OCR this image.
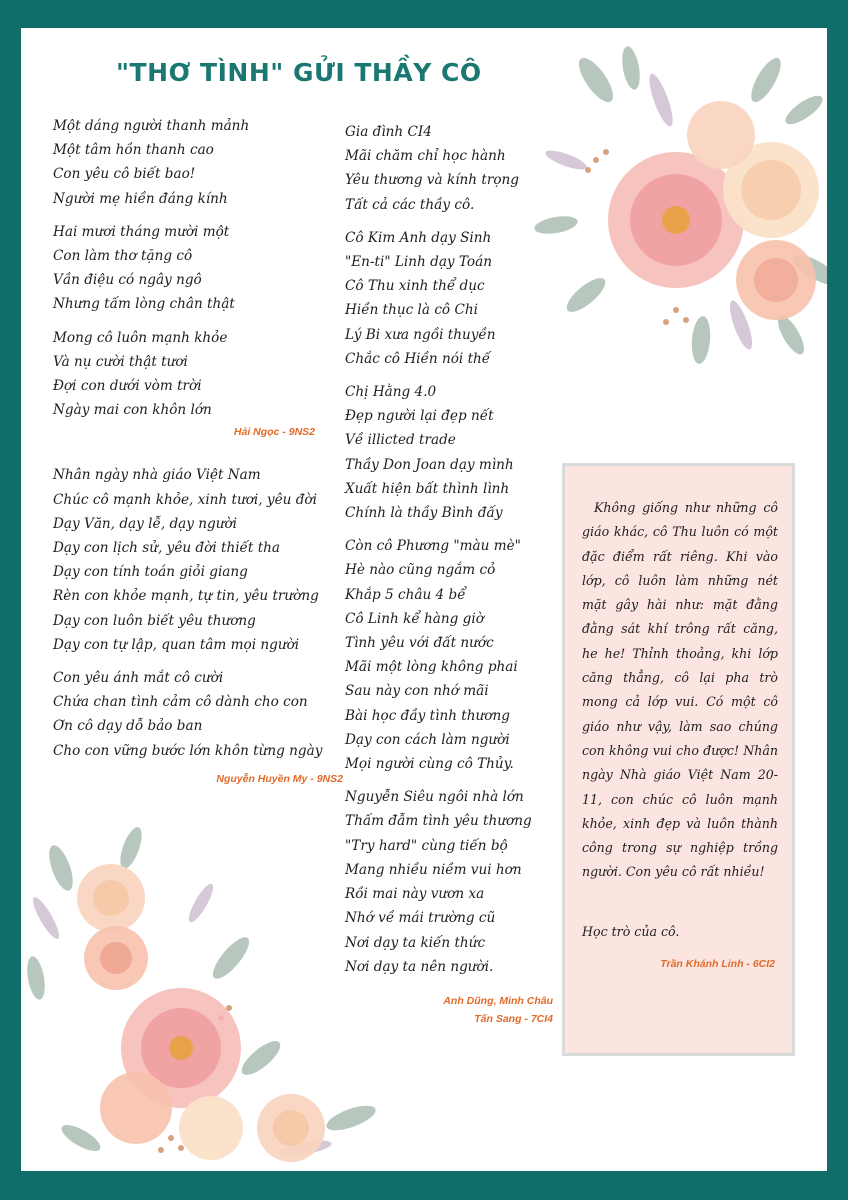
"THƠ TÌNH" GỬI THẦY CÔ

Một dáng người thanh mảnh
Một tâm hồn thanh cao
Con yêu cô biết bao!
Người mẹ hiền đáng kính

Hai mươi tháng mười một
Con làm thơ tặng cô
Vần điệu có ngây ngô
Nhưng tấm lòng chân thật

Mong cô luôn mạnh khỏe
Và nụ cười thật tươi
Đợi con dưới vòm trời
Ngày mai con khôn lớn

Hải Ngọc - 9NS2

Nhân ngày nhà giáo Việt Nam
Chúc cô mạnh khỏe, xinh tươi, yêu đời
Dạy Văn, dạy lễ, dạy người
Dạy con lịch sử, yêu đời thiết tha
Dạy con tính toán giỏi giang
Rèn con khỏe mạnh, tự tin, yêu trường
Dạy con luôn biết yêu thương
Dạy con tự lập, quan tâm mọi người

Con yêu ánh mắt cô cười
Chứa chan tình cảm cô dành cho con
Ơn cô dạy dỗ bảo ban
Cho con vững bước lớn khôn từng ngày

Nguyễn Huyền My - 9NS2

Gia đình CI4
Mãi chăm chỉ học hành
Yêu thương và kính trọng
Tất cả các thầy cô.

Cô Kim Anh dạy Sinh
"En-ti" Linh dạy Toán
Cô Thu xinh thể dục
Hiền thục là cô Chi
Lý Bi xưa ngồi thuyền
Chắc cô Hiền nói thế

Chị Hằng 4.0
Đẹp người lại đẹp nết
Về illicted trade
Thầy Don Joan dạy mình
Xuất hiện bất thình lình
Chính là thầy Bình đấy

Còn cô Phương "màu mè"
Hè nào cũng ngắm cỏ
Khắp 5 châu 4 bể
Cô Linh kể hàng giờ
Tình yêu với đất nước
Mãi một lòng không phai
Sau này con nhớ mãi
Bài học đầy tình thương
Dạy con cách làm người
Mọi người cùng cô Thủy.

Nguyễn Siêu ngôi nhà lớn
Thấm đẫm tình yêu thương
"Try hard" cùng tiến bộ
Mang nhiều niềm vui hơn
Rồi mai này vươn xa
Nhớ về mái trường cũ
Nơi dạy ta kiến thức
Nơi dạy ta nên người.

Anh Dũng, Minh Châu
Tấn Sang - 7CI4

Không giống như những cô giáo khác, cô Thu luôn có một đặc điểm rất riêng. Khi vào lớp, cô luôn làm những nét mặt gây hài như: mặt đằng đằng sát khí trông rất căng, he he! Thỉnh thoảng, khi lớp căng thẳng, cô lại pha trò mong cả lớp vui. Có một cô giáo như vậy, làm sao chúng con không vui cho được! Nhân ngày Nhà giáo Việt Nam 20-11, con chúc cô luôn mạnh khỏe, xinh đẹp và luôn thành công trong sự nghiệp trồng người. Con yêu cô rất nhiều!

Học trò của cô.

Trần Khánh Linh - 6CI2
